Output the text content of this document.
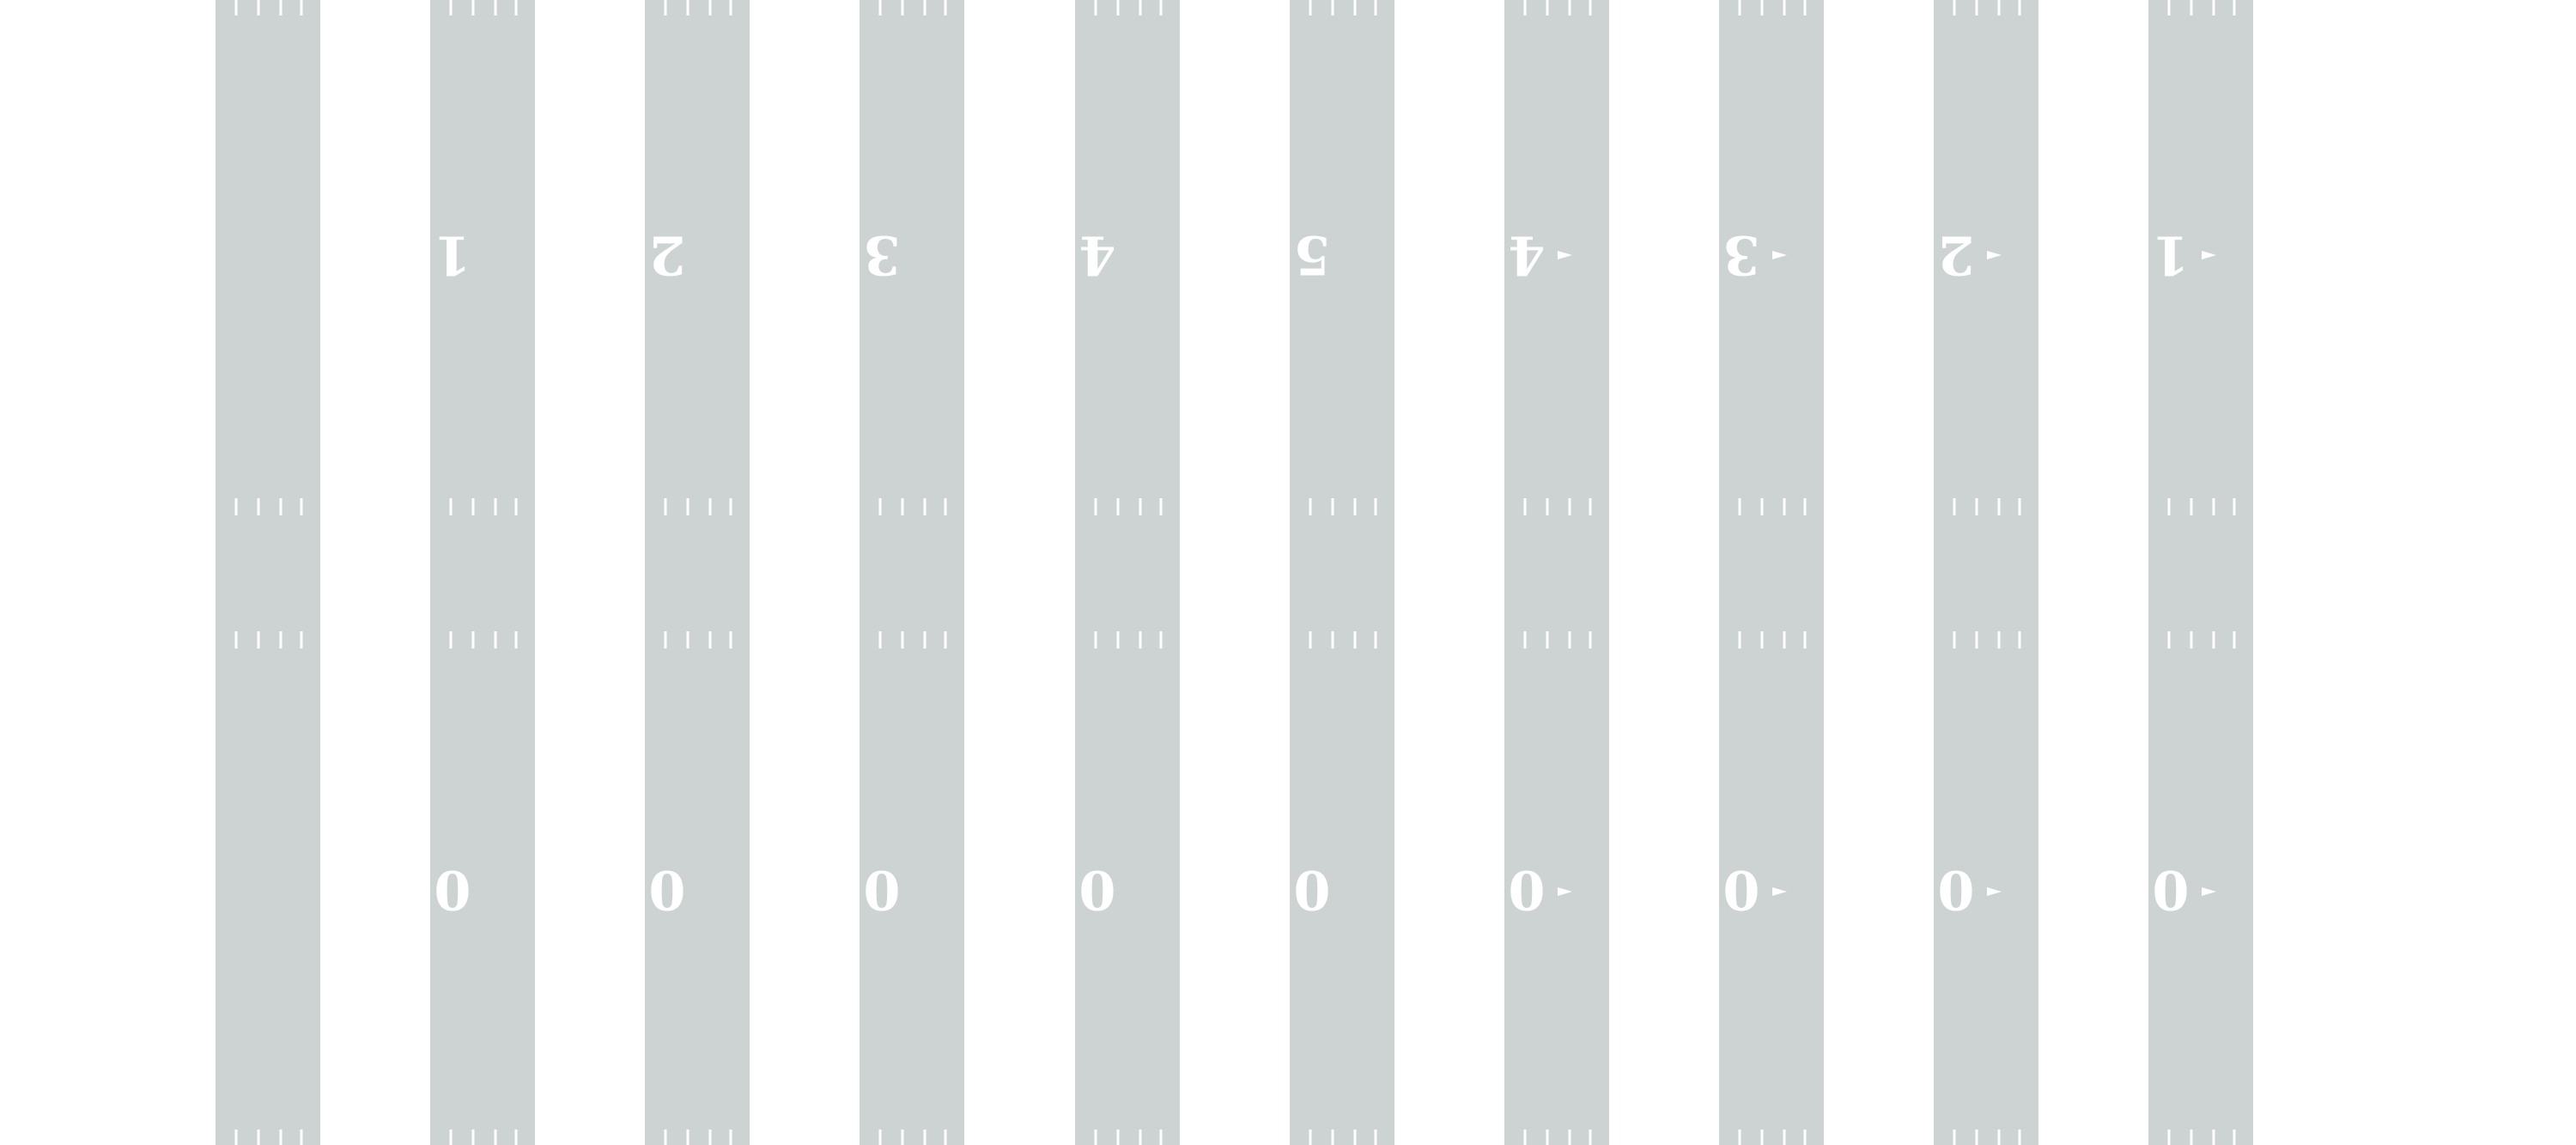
1
0
2
0
3
0
4
0
5
0
4
0
3
0
2
0
1
0
